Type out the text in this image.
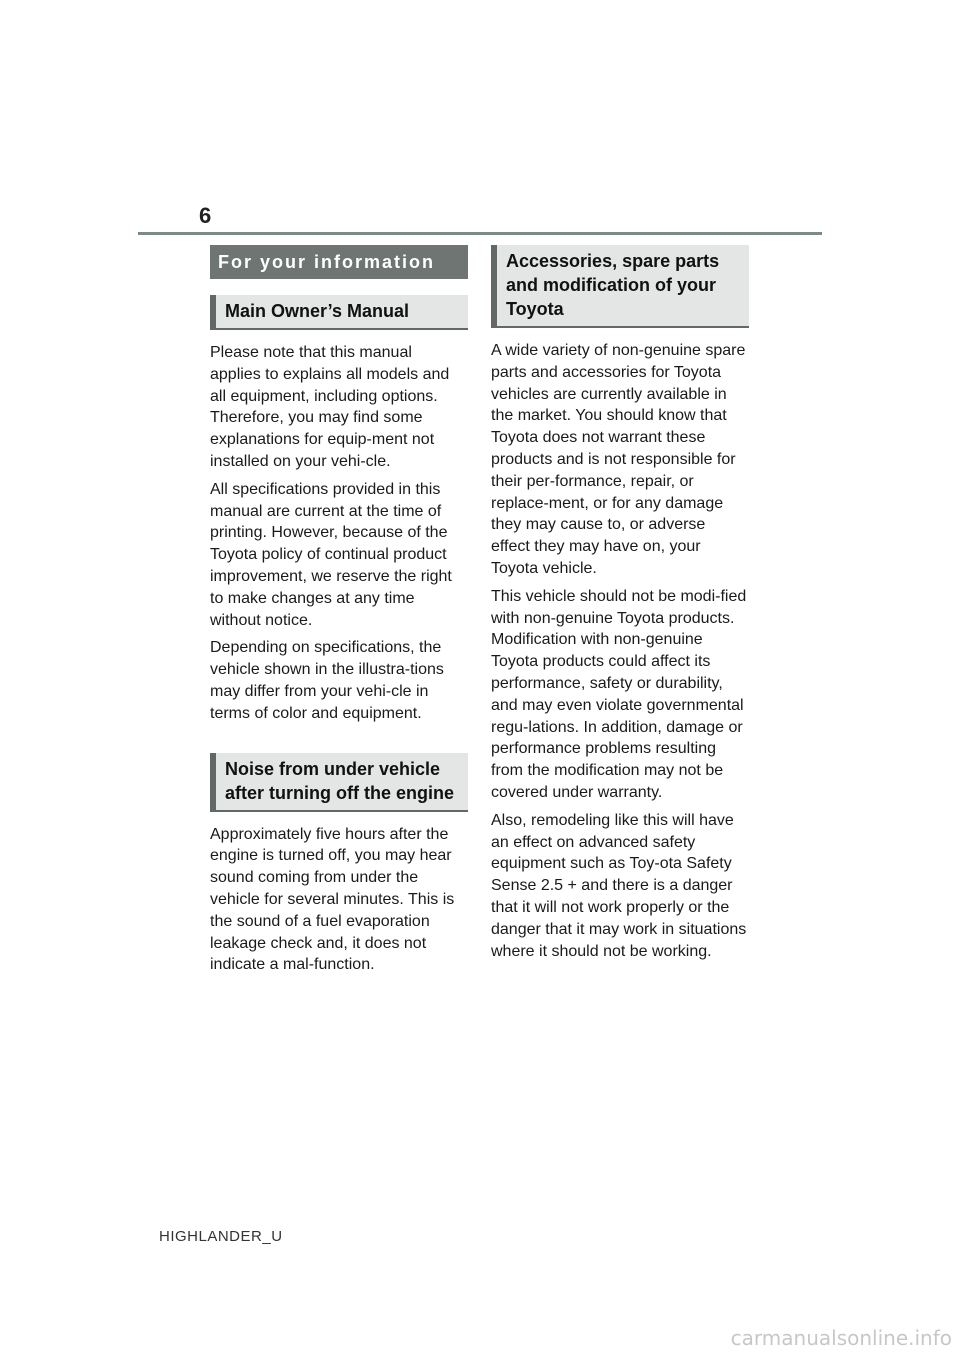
6
For your information
Main Owner’s Manual

Please note that this manual applies to explains all models and all equipment, including options. Therefore, you may find some explanations for equip-ment not installed on your vehi-cle.

All specifications provided in this manual are current at the time of printing. However, because of the Toyota policy of continual product improvement, we reserve the right to make changes at any time without notice.

Depending on specifications, the vehicle shown in the illustra-tions may differ from your vehi-cle in terms of color and equipment.

Noise from under vehicle after turning off the engine

Approximately five hours after the engine is turned off, you may hear sound coming from under the vehicle for several minutes. This is the sound of a fuel evaporation leakage check and, it does not indicate a mal-function.

Accessories, spare parts and modification of your Toyota

A wide variety of non-genuine spare parts and accessories for Toyota vehicles are currently available in the market. You should know that Toyota does not warrant these products and is not responsible for their per-formance, repair, or replace-ment, or for any damage they may cause to, or adverse effect they may have on, your Toyota vehicle.

This vehicle should not be modi-fied with non-genuine Toyota products. Modification with non-genuine Toyota products could affect its performance, safety or durability, and may even violate governmental regu-lations. In addition, damage or performance problems resulting from the modification may not be covered under warranty.

Also, remodeling like this will have an effect on advanced safety equipment such as Toy-ota Safety Sense 2.5 + and there is a danger that it will not work properly or the danger that it may work in situations where it should not be working.

HIGHLANDER_U
carmanualsonline.info
